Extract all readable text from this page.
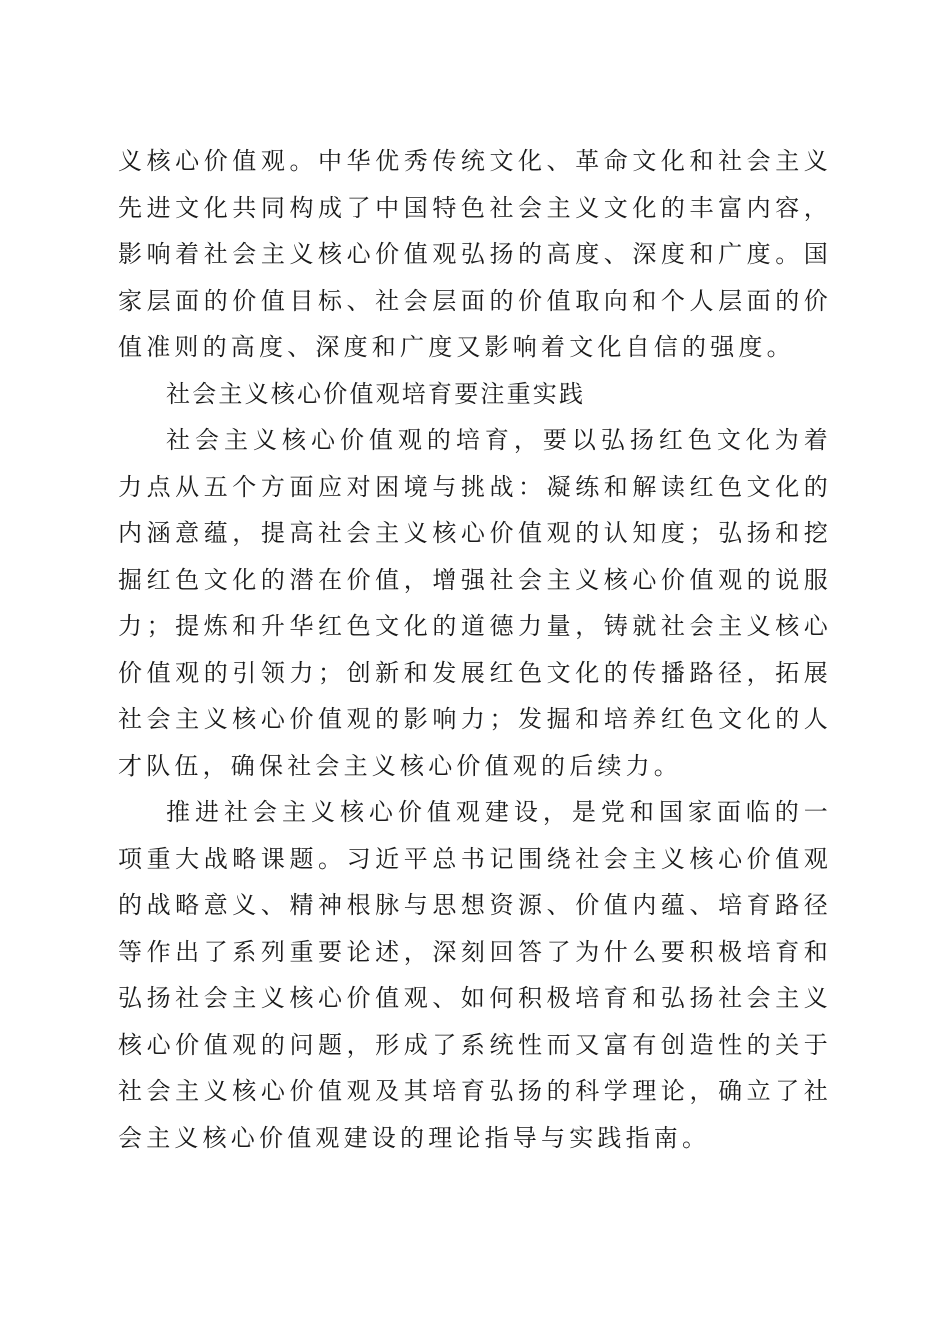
义核心价值观。中华优秀传统文化、革命文化和社会主义先进文化共同构成了中国特色社会主义文化的丰富内容，影响着社会主义核心价值观弘扬的高度、深度和广度。国家层面的价值目标、社会层面的价值取向和个人层面的价值准则的高度、深度和广度又影响着文化自信的强度。

社会主义核心价值观培育要注重实践

社会主义核心价值观的培育，要以弘扬红色文化为着力点从五个方面应对困境与挑战：凝练和解读红色文化的内涵意蕴，提高社会主义核心价值观的认知度；弘扬和挖掘红色文化的潜在价值，增强社会主义核心价值观的说服力；提炼和升华红色文化的道德力量，铸就社会主义核心价值观的引领力；创新和发展红色文化的传播路径，拓展社会主义核心价值观的影响力；发掘和培养红色文化的人才队伍，确保社会主义核心价值观的后续力。

推进社会主义核心价值观建设，是党和国家面临的一项重大战略课题。习近平总书记围绕社会主义核心价值观的战略意义、精神根脉与思想资源、价值内蕴、培育路径等作出了系列重要论述，深刻回答了为什么要积极培育和弘扬社会主义核心价值观、如何积极培育和弘扬社会主义核心价值观的问题，形成了系统性而又富有创造性的关于社会主义核心价值观及其培育弘扬的科学理论，确立了社会主义核心价值观建设的理论指导与实践指南。
